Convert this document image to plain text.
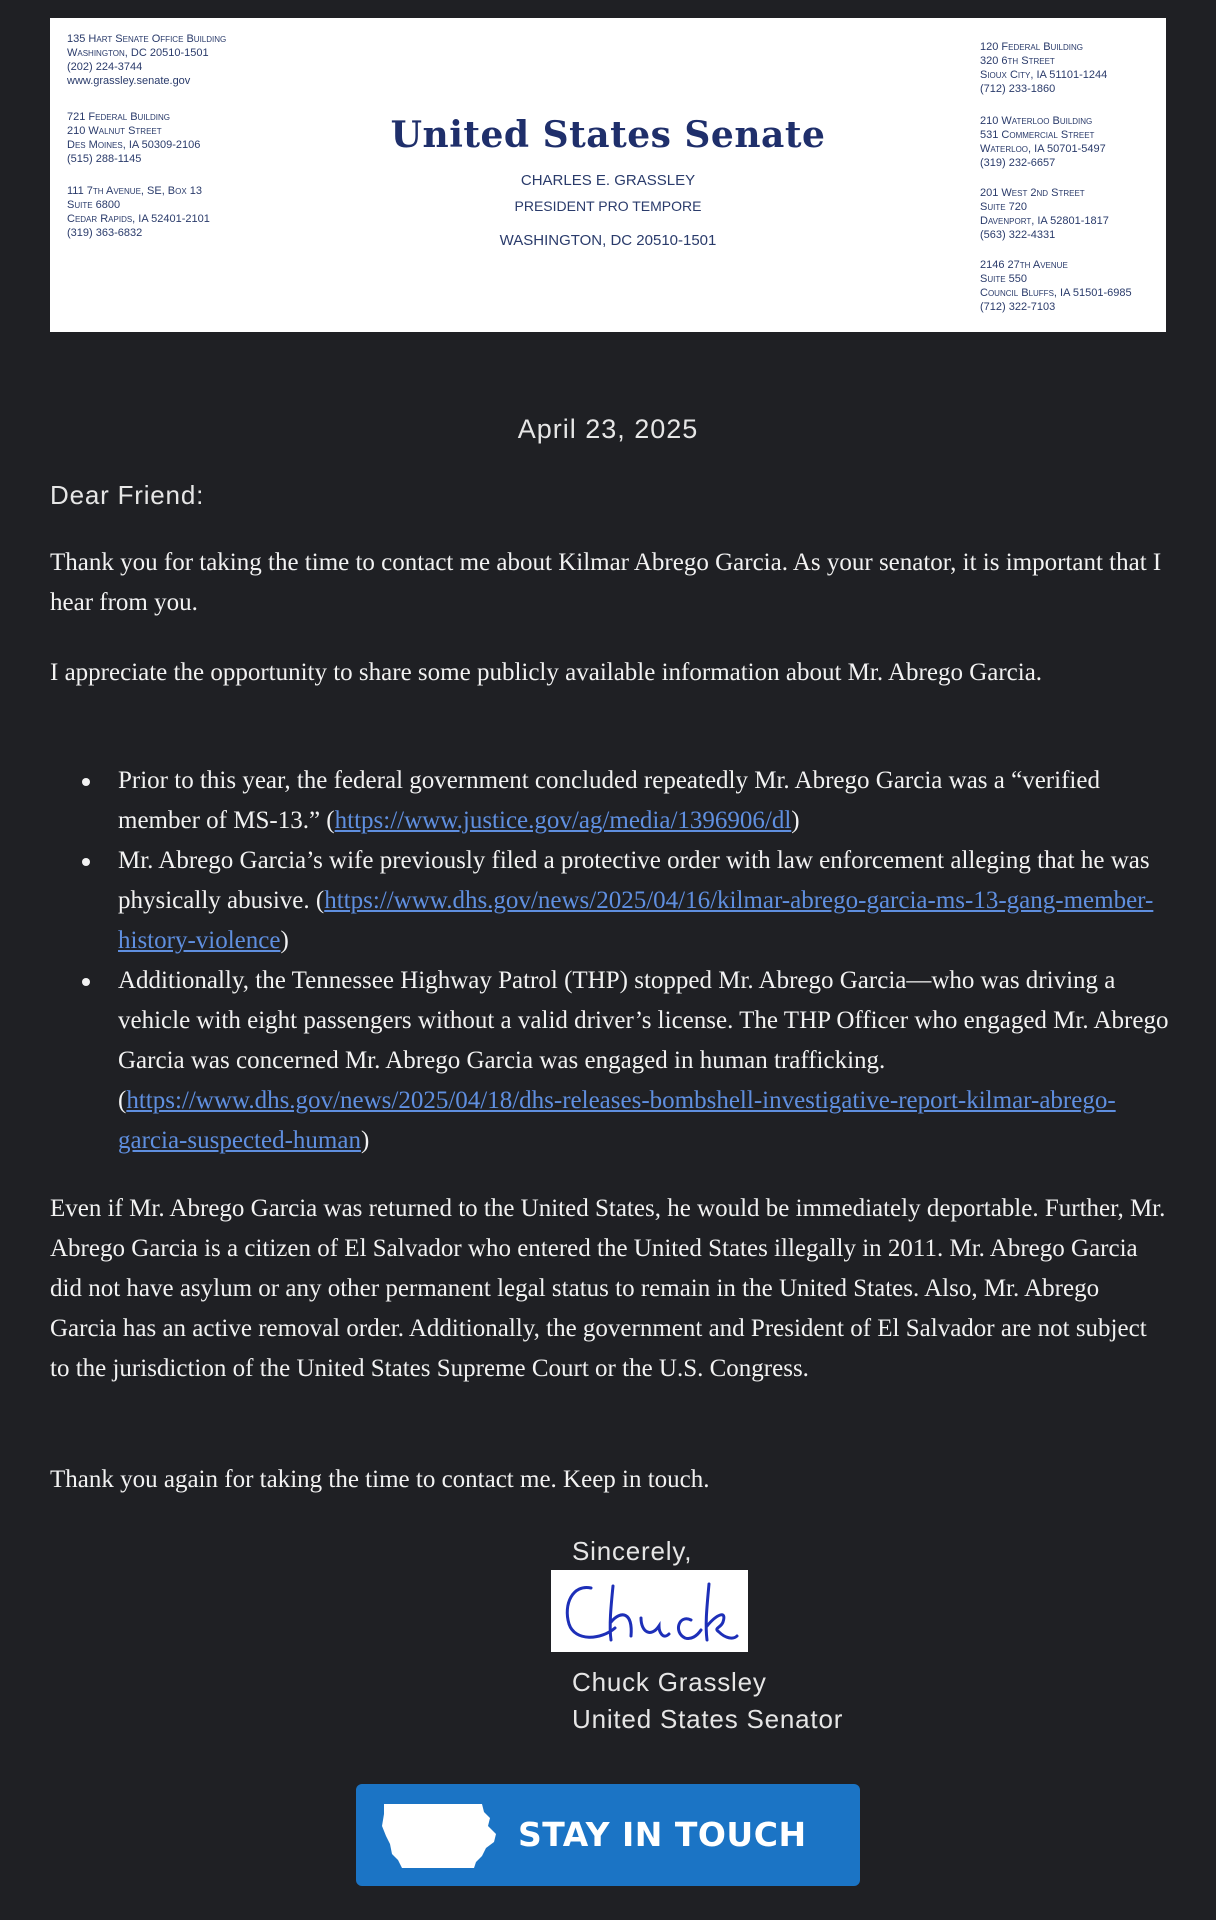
135 Hart Senate Office Building
Washington, DC 20510-1501
(202) 224-3744
www.grassley.senate.gov
721 Federal Building
210 Walnut Street
Des Moines, IA 50309-2106
(515) 288-1145
111 7th Avenue, SE, Box 13
Suite 6800
Cedar Rapids, IA 52401-2101
(319) 363-6832
United States Senate
CHARLES E. GRASSLEY
PRESIDENT PRO TEMPORE
WASHINGTON, DC 20510-1501
120 Federal Building
320 6th Street
Sioux City, IA 51101-1244
(712) 233-1860
210 Waterloo Building
531 Commercial Street
Waterloo, IA 50701-5497
(319) 232-6657
201 West 2nd Street
Suite 720
Davenport, IA 52801-1817
(563) 322-4331
2146 27th Avenue
Suite 550
Council Bluffs, IA 51501-6985
(712) 322-7103
April 23, 2025
Dear Friend:
Thank you for taking the time to contact me about Kilmar Abrego Garcia. As your senator, it is important that I hear from you.
I appreciate the opportunity to share some publicly available information about Mr. Abrego Garcia.
Prior to this year, the federal government concluded repeatedly Mr. Abrego Garcia was a “verified member of MS-13.” (https://www.justice.gov/ag/media/1396906/dl)
Mr. Abrego Garcia’s wife previously filed a protective order with law enforcement alleging that he was physically abusive. (https://www.dhs.gov/news/2025/04/16/kilmar-abrego-garcia-ms-13-gang-member-history-violence)
Additionally, the Tennessee Highway Patrol (THP) stopped Mr. Abrego Garcia—who was driving a vehicle with eight passengers without a valid driver’s license. The THP Officer who engaged Mr. Abrego Garcia was concerned Mr. Abrego Garcia was engaged in human trafficking. (https://www.dhs.gov/news/2025/04/18/dhs-releases-bombshell-investigative-report-kilmar-abrego-garcia-suspected-human)
Even if Mr. Abrego Garcia was returned to the United States, he would be immediately deportable. Further, Mr. Abrego Garcia is a citizen of El Salvador who entered the United States illegally in 2011. Mr. Abrego Garcia did not have asylum or any other permanent legal status to remain in the United States. Also, Mr. Abrego Garcia has an active removal order. Additionally, the government and President of El Salvador are not subject to the jurisdiction of the United States Supreme Court or the U.S. Congress.
Thank you again for taking the time to contact me. Keep in touch.
Sincerely,
Chuck Grassley
United States Senator
STAY IN TOUCH
